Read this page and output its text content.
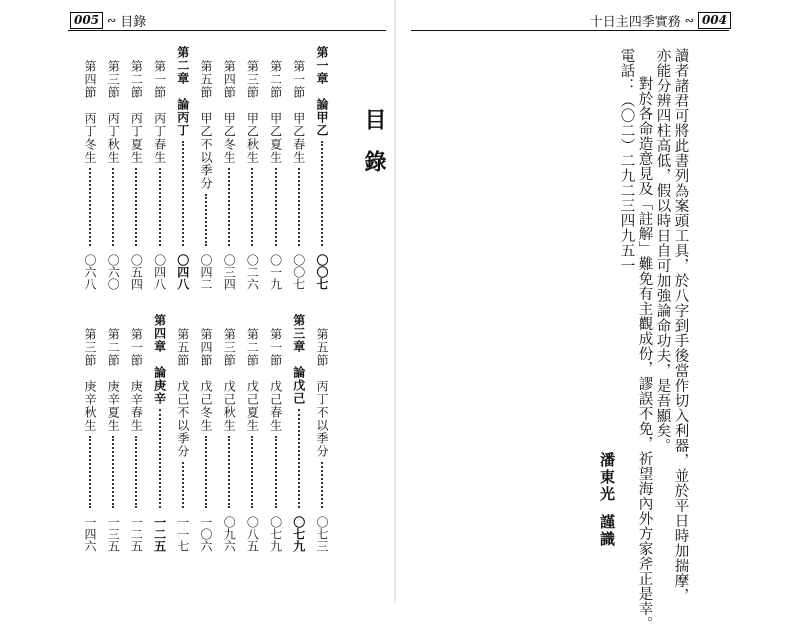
005 ∾ 目錄
第一章　論甲乙
〇〇七
第一節　甲乙春生
〇〇七
第二節　甲乙夏生
〇一九
第三節　甲乙秋生
〇二六
第四節　甲乙冬生
〇三四
第五節　甲乙不以季分
〇四二
第二章　論丙丁
〇四八
第一節　丙丁春生
〇四八
第二節　丙丁夏生
〇五四
第三節　丙丁秋生
〇六〇
第四節　丙丁冬生
〇六八
第五節　丙丁不以季分
〇七三
第三章　論戊己
〇七九
第一節　戊己春生
〇七九
第二節　戊己夏生
〇八五
第三節　戊己秋生
〇九六
第四節　戊己冬生
一〇六
第五節　戊己不以季分
一一七
第四章　論庚辛
一二五
第一節　庚辛春生
一二五
第二節　庚辛夏生
一三五
第三節　庚辛秋生
一四六
十日主四季實務 ∾ 004
目錄	讀者諸君可將此書列為案頭工具，於八字到手後當作切入利器，並於平日時加揣摩，
亦能分辨四柱高低，假以時日自可加強論命功夫，是吾顯矣。
對於各命造意見及「註解」難免有主觀成份，謬誤不免，祈望海內外方家斧正是幸。
電話：（〇二）二九二三四九五一
潘東光
謹識
